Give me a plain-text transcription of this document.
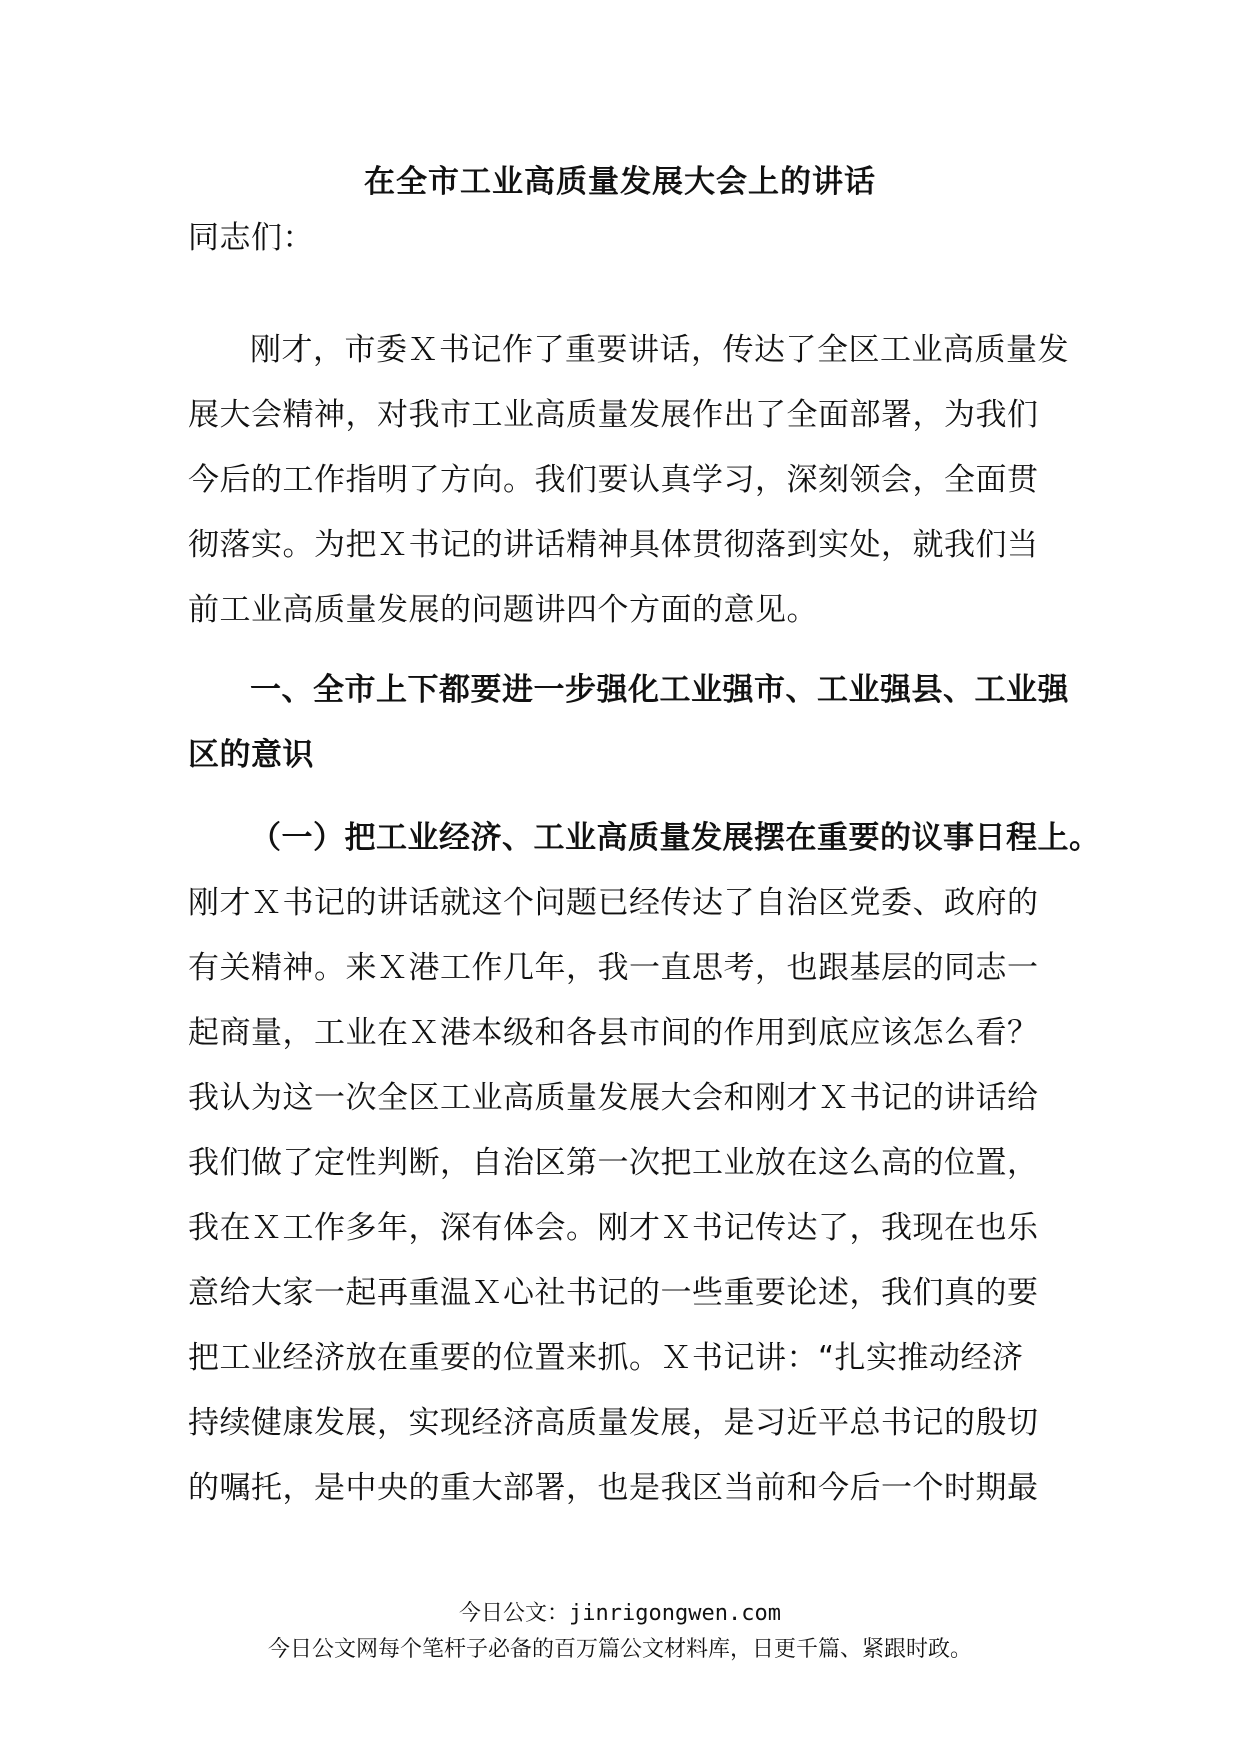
在全市工业高质量发展大会上的讲话
同志们：
刚才，市委Ｘ书记作了重要讲话，传达了全区工业高质量发
展大会精神，对我市工业高质量发展作出了全面部署，为我们
今后的工作指明了方向。我们要认真学习，深刻领会，全面贯
彻落实。为把Ｘ书记的讲话精神具体贯彻落到实处，就我们当
前工业高质量发展的问题讲四个方面的意见。
一、全市上下都要进一步强化工业强市、工业强县、工业强
区的意识
（一）把工业经济、工业高质量发展摆在重要的议事日程上。
刚才Ｘ书记的讲话就这个问题已经传达了自治区党委、政府的
有关精神。来Ｘ港工作几年，我一直思考，也跟基层的同志一
起商量，工业在Ｘ港本级和各县市间的作用到底应该怎么看？
我认为这一次全区工业高质量发展大会和刚才Ｘ书记的讲话给
我们做了定性判断，自治区第一次把工业放在这么高的位置，
我在Ｘ工作多年，深有体会。刚才Ｘ书记传达了，我现在也乐
意给大家一起再重温Ｘ心社书记的一些重要论述，我们真的要
把工业经济放在重要的位置来抓。Ｘ书记讲：“扎实推动经济
持续健康发展，实现经济高质量发展，是习近平总书记的殷切
的嘱托，是中央的重大部署，也是我区当前和今后一个时期最
今日公文：jinrigongwen.com
今日公文网每个笔杆子必备的百万篇公文材料库，日更千篇、紧跟时政。
